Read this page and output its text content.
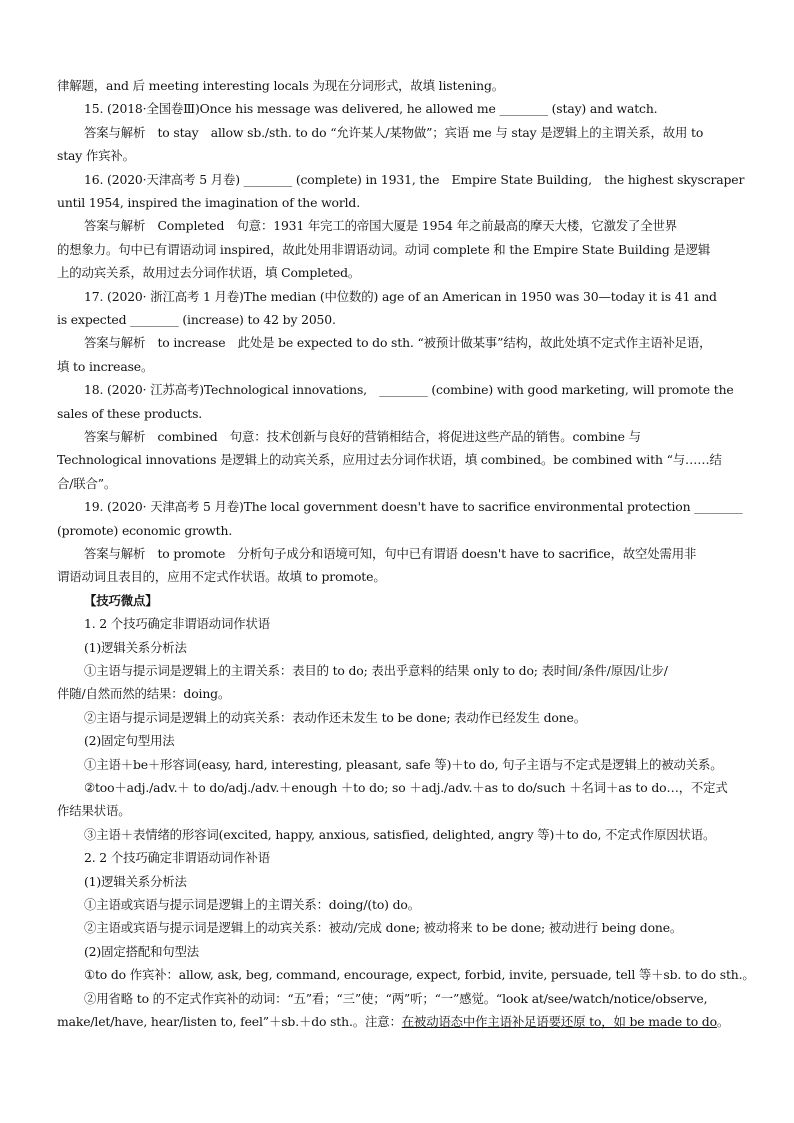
律解题，and 后 meeting interesting locals 为现在分词形式，故填 listening。
15. (2018·全国卷Ⅲ)Once his message was delivered, he allowed me ________ (stay) and watch.
答案与解析　to stay　allow sb./sth. to do “允许某人/某物做”；宾语 me 与 stay 是逻辑上的主谓关系，故用 to
stay 作宾补。
16. (2020·天津高考 5 月卷) ________ (complete) in 1931, the　Empire State Building,　the highest skyscraper
until 1954, inspired the imagination of the world.
答案与解析　Completed　句意：1931 年完工的帝国大厦是 1954 年之前最高的摩天大楼，它激发了全世界
的想象力。句中已有谓语动词 inspired，故此处用非谓语动词。动词 complete 和 the Empire State Building 是逻辑
上的动宾关系，故用过去分词作状语，填 Completed。
17. (2020· 浙江高考 1 月卷)The median (中位数的) age of an American in 1950 was 30—today it is 41 and
is expected ________ (increase) to 42 by 2050.
答案与解析　to increase　此处是 be expected to do sth. “被预计做某事”结构，故此处填不定式作主语补足语，
填 to increase。
18. (2020· 江苏高考)Technological innovations,　________ (combine) with good marketing, will promote the
sales of these products.
答案与解析　combined　句意：技术创新与良好的营销相结合，将促进这些产品的销售。combine 与
Technological innovations 是逻辑上的动宾关系，应用过去分词作状语，填 combined。be combined with “与……结
合/联合”。
19. (2020· 天津高考 5 月卷)The local government doesn't have to sacrifice environmental protection ________
(promote) economic growth.
答案与解析　to promote　分析句子成分和语境可知，句中已有谓语 doesn't have to sacrifice，故空处需用非
谓语动词且表目的，应用不定式作状语。故填 to promote。
【技巧微点】
1. 2 个技巧确定非谓语动词作状语
(1)逻辑关系分析法
①主语与提示词是逻辑上的主谓关系：表目的 to do; 表出乎意料的结果 only to do; 表时间/条件/原因/让步/
伴随/自然而然的结果：doing。
②主语与提示词是逻辑上的动宾关系：表动作还未发生 to be done; 表动作已经发生 done。
(2)固定句型用法
①主语＋be＋形容词(easy, hard, interesting, pleasant, safe 等)＋to do, 句子主语与不定式是逻辑上的被动关系。
②too＋adj./adv.＋ to do/adj./adv.＋enough ＋to do; so ＋adj./adv.＋as to do/such ＋名词＋as to do…，不定式
作结果状语。
③主语＋表情绪的形容词(excited, happy, anxious, satisfied, delighted, angry 等)＋to do, 不定式作原因状语。
2. 2 个技巧确定非谓语动词作补语
(1)逻辑关系分析法
①主语或宾语与提示词是逻辑上的主谓关系：doing/(to) do。
②主语或宾语与提示词是逻辑上的动宾关系：被动/完成 done; 被动将来 to be done; 被动进行 being done。
(2)固定搭配和句型法
①to do 作宾补：allow, ask, beg, command, encourage, expect, forbid, invite, persuade, tell 等＋sb. to do sth.。
②用省略 to 的不定式作宾补的动词：“五”看；“三”使；“两”听；“一”感觉。“look at/see/watch/notice/observe,
make/let/have, hear/listen to, feel”＋sb.＋do sth.。注意：在被动语态中作主语补足语要还原 to，如 be made to do。
